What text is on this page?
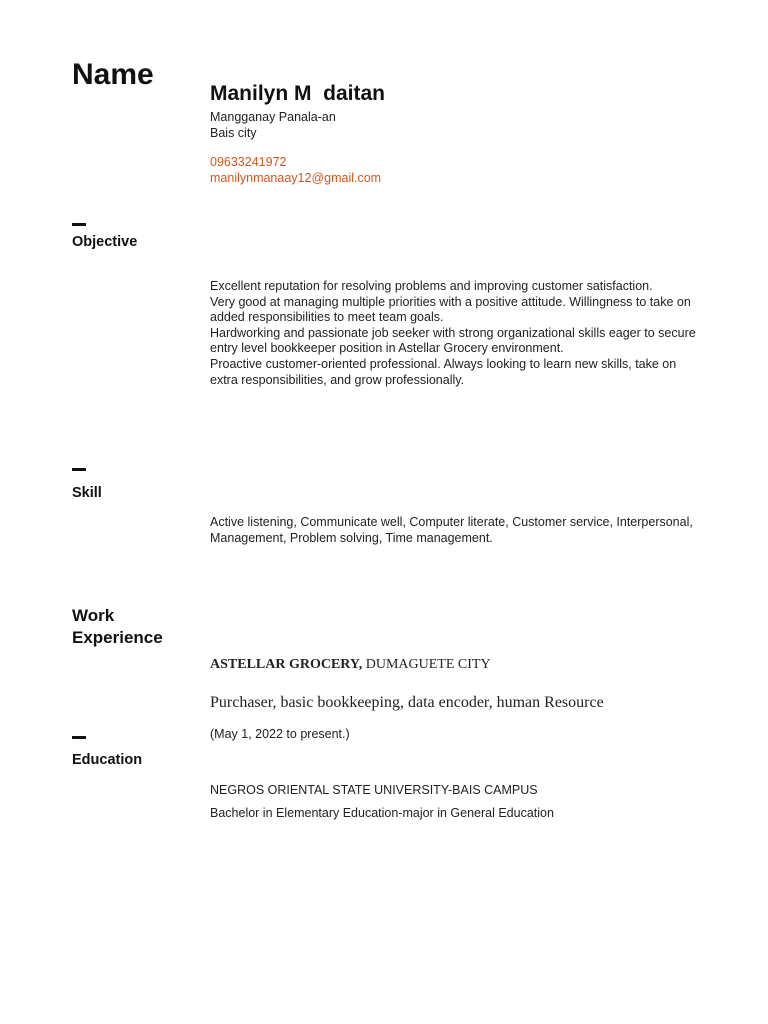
Name
Manilyn M  daitan
Mangganay Panala-an
Bais city
09633241972
manilynmanaay12@gmail.com
Objective
·
Excellent reputation for resolving problems and improving customer satisfaction.
Very good at managing multiple priorities with a positive attitude. Willingness to take on
added responsibilities to meet team goals.
Hardworking and passionate job seeker with strong organizational skills eager to secure
entry level bookkeeper position in Astellar Grocery environment.
Proactive customer-oriented professional. Always looking to learn new skills, take on
extra responsibilities, and grow professionally.
Skill
·
Active listening, Communicate well, Computer literate, Customer service, Interpersonal,
Management, Problem solving, Time management.
Work
Experience
·
ASTELLAR GROCERY, DUMAGUETE CITY
Purchaser, basic bookkeeping, data encoder, human Resource
(May 1, 2022 to present.)
Education
NEGROS ORIENTAL STATE UNIVERSITY-BAIS CAMPUS
Bachelor in Elementary Education-major in General Education
